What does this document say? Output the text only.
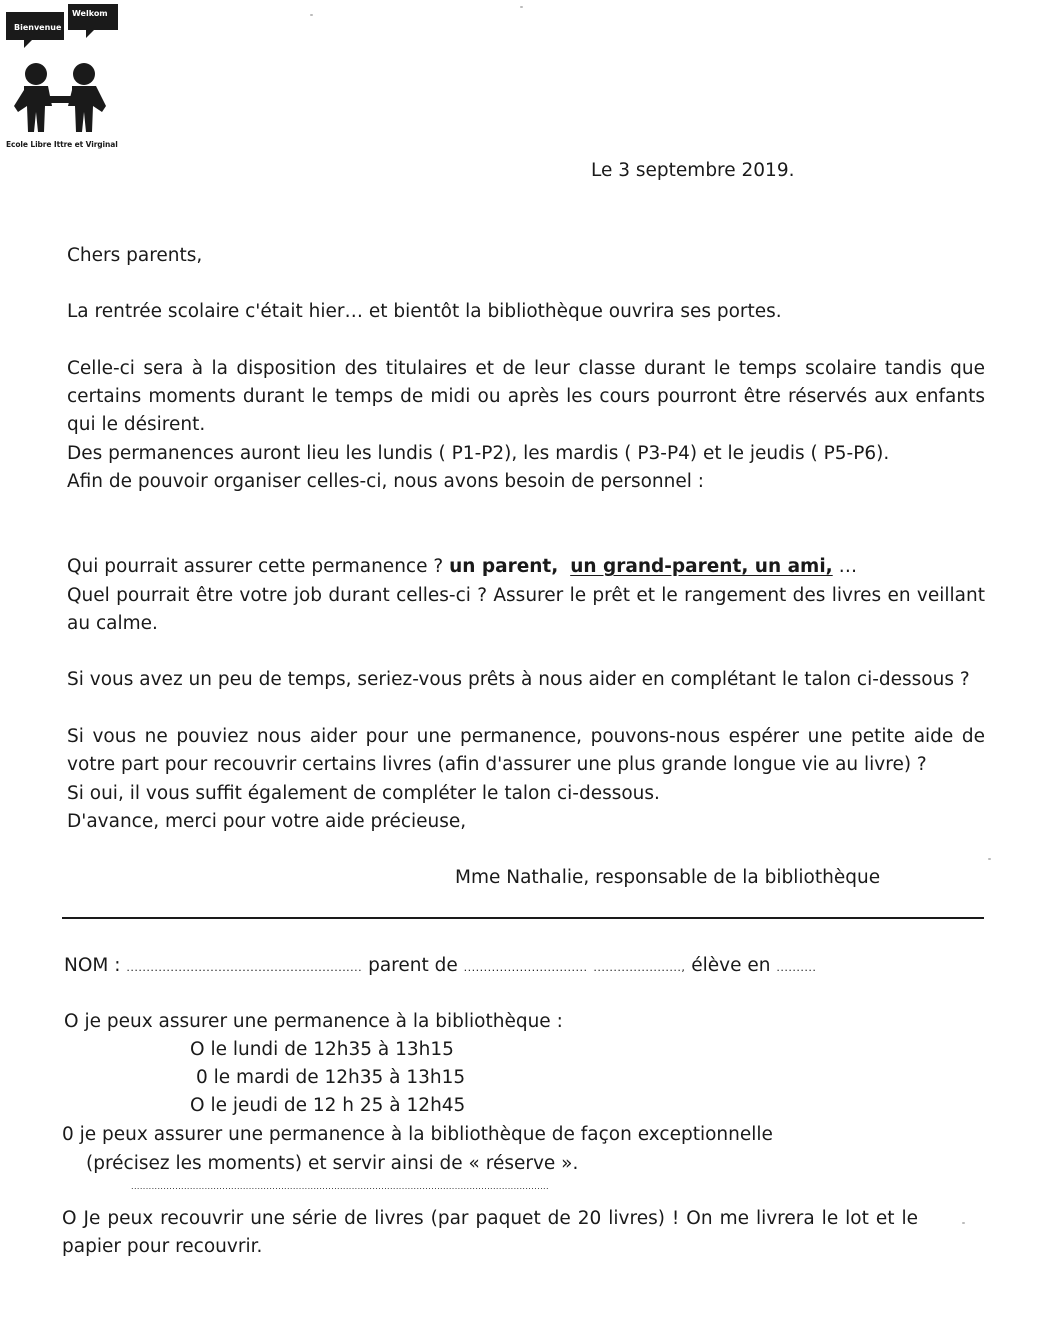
Bienvenue
Welkom
Ecole Libre Ittre et Virginal
Le 3 septembre 2019.
Chers parents,
La rentrée scolaire c'était hier… et bientôt la bibliothèque ouvrira ses portes.
Celle-ci sera à la disposition des titulaires et de leur classe durant le temps scolaire tandis que certains moments durant le temps de midi ou après les cours pourront être réservés aux enfants qui le désirent.
Des permanences auront lieu les lundis ( P1-P2), les mardis ( P3-P4) et le jeudis ( P5-P6).
Afin de pouvoir organiser celles-ci, nous avons besoin de personnel :
Qui pourrait assurer cette permanence ? un parent, un grand-parent, un ami, …
Quel pourrait être votre job durant celles-ci ? Assurer le prêt et le rangement des livres en veillant au calme.
Si vous avez un peu de temps, seriez-vous prêts à nous aider en complétant le talon ci-dessous ?
Si vous ne pouviez nous aider pour une permanence, pouvons-nous espérer une petite aide de votre part pour recouvrir certains livres (afin d'assurer une plus grande longue vie au livre) ?
Si oui, il vous suffit également de compléter le talon ci-dessous.
D'avance, merci pour votre aide précieuse,
Mme Nathalie, responsable de la bibliothèque
NOM : ........................................................... parent de ............................... ......................, élève en ..........
O je peux assurer une permanence à la bibliothèque :
O le lundi de 12h35 à 13h15
0 le mardi de 12h35 à 13h15
O le jeudi de 12 h 25 à 12h45
0 je peux assurer une permanence à la bibliothèque de façon exceptionnelle
(précisez les moments) et servir ainsi de « réserve ».
..............................................................................................................................................
O Je peux recouvrir une série de livres (par paquet de 20 livres) ! On me livrera le lot et le papier pour recouvrir.
